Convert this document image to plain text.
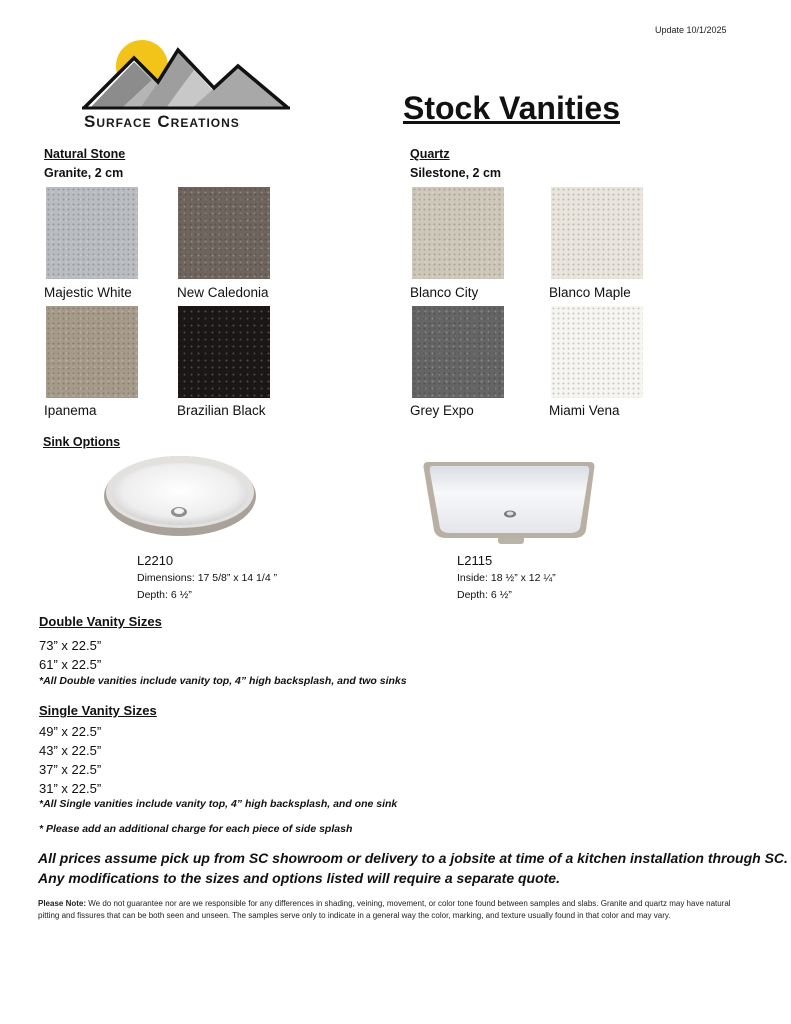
Update 10/1/2025
Surface Creations	Stock Vanities
Natural Stone
Granite, 2 cm
Majestic White	New Caledonia
Ipanema	Brazilian Black
Quartz
Silestone, 2 cm
Blanco City	Blanco Maple
Grey Expo	Miami Vena
Sink Options
L2210
Dimensions: 17 5/8” x 14 1/4 ”
Depth: 6 ½”
L2115
Inside: 18 ½” x 12 ¼”
Depth: 6 ½”
Double Vanity Sizes
73” x 22.5”
61” x 22.5”
*All Double vanities include vanity top, 4” high backsplash, and two sinks
Single Vanity Sizes
49” x 22.5”
43” x 22.5”
37” x 22.5”
31” x 22.5”
*All Single vanities include vanity top, 4” high backsplash, and one sink
* Please add an additional charge for each piece of side splash
All prices assume pick up from SC showroom or delivery to a jobsite at time of a kitchen installation through SC.
Any modifications to the sizes and options listed will require a separate quote.
Please Note: We do not guarantee nor are we responsible for any differences in shading, veining, movement, or color tone found between samples and slabs. Granite and quartz may have natural pitting and fissures that can be both seen and unseen. The samples serve only to indicate in a general way the color, marking, and texture usually found in that color and may vary.
